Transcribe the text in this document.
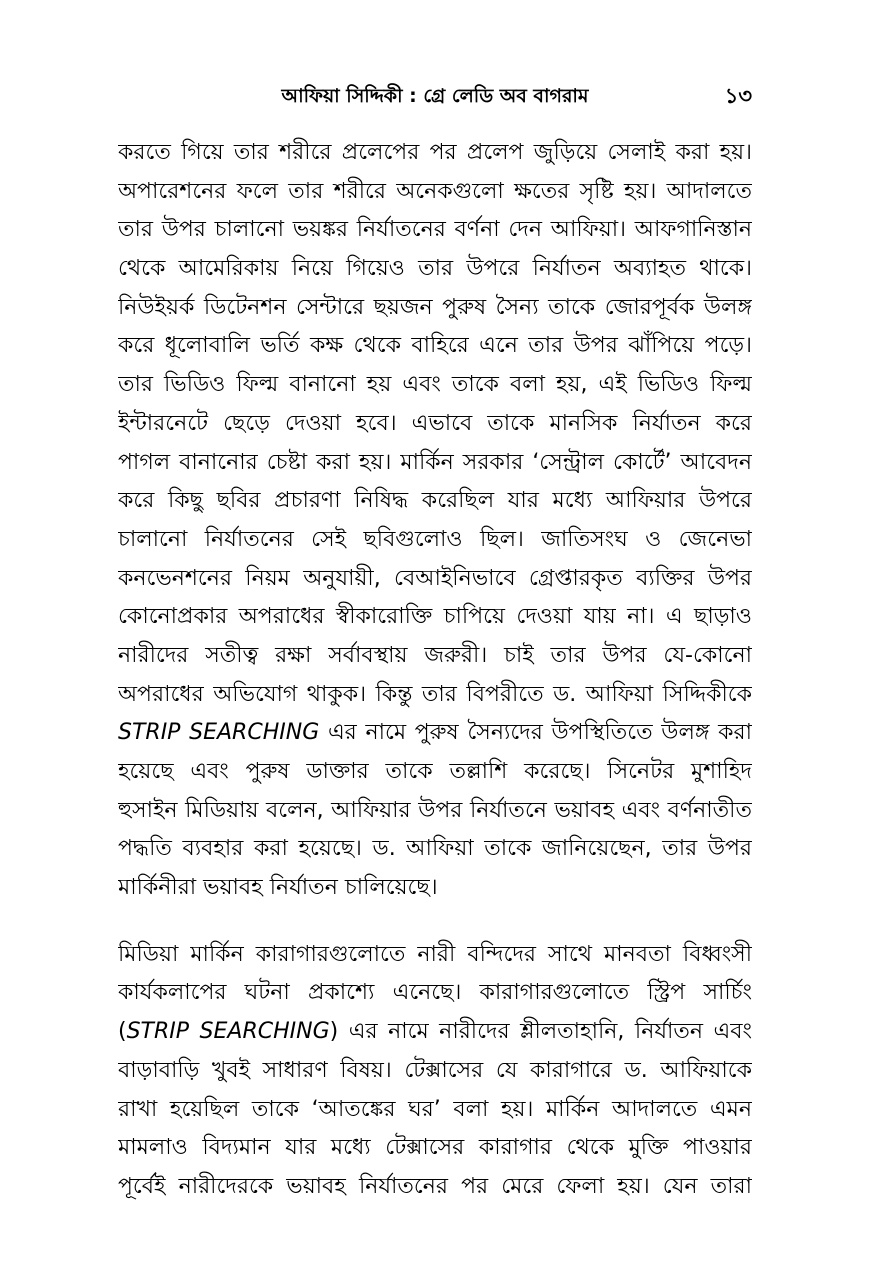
আফিয়া সিদ্দিকী : গ্রে লেডি অব বাগরাম	১৩
করতে গিয়ে তার শরীরে প্রলেপের পর প্রলেপ জুড়িয়ে সেলাই করা হয়।
অপারেশনের ফলে তার শরীরে অনেকগুলো ক্ষতের সৃষ্টি হয়। আদালতে
তার উপর চালানো ভয়ঙ্কর নির্যাতনের বর্ণনা দেন আফিয়া। আফগানিস্তান
থেকে আমেরিকায় নিয়ে গিয়েও তার উপরে নির্যাতন অব্যাহত থাকে।
নিউইয়র্ক ডিটেনশন সেন্টারে ছয়জন পুরুষ সৈন্য তাকে জোরপূর্বক উলঙ্গ
করে ধূলোবালি ভর্তি কক্ষ থেকে বাহিরে এনে তার উপর ঝাঁপিয়ে পড়ে।
তার ভিডিও ফিল্ম বানানো হয় এবং তাকে বলা হয়, এই ভিডিও ফিল্ম
ইন্টারনেটে ছেড়ে দেওয়া হবে। এভাবে তাকে মানসিক নির্যাতন করে
পাগল বানানোর চেষ্টা করা হয়। মার্কিন সরকার ‘সেন্ট্রাল কোর্টে’ আবেদন
করে কিছু ছবির প্রচারণা নিষিদ্ধ করেছিল যার মধ্যে আফিয়ার উপরে
চালানো নির্যাতনের সেই ছবিগুলোও ছিল। জাতিসংঘ ও জেনেভা
কনভেনশনের নিয়ম অনুযায়ী, বেআইনিভাবে গ্রেপ্তারকৃত ব্যক্তির উপর
কোনোপ্রকার অপরাধের স্বীকারোক্তি চাপিয়ে দেওয়া যায় না। এ ছাড়াও
নারীদের সতীত্ব রক্ষা সর্বাবস্থায় জরুরী। চাই তার উপর যে-কোনো
অপরাধের অভিযোগ থাকুক। কিন্তু তার বিপরীতে ড. আফিয়া সিদ্দিকীকে
STRIP SEARCHING এর নামে পুরুষ সৈন্যদের উপস্থিতিতে উলঙ্গ করা
হয়েছে এবং পুরুষ ডাক্তার তাকে তল্লাশি করেছে। সিনেটর মুশাহিদ
হুসাইন মিডিয়ায় বলেন, আফিয়ার উপর নির্যাতনে ভয়াবহ এবং বর্ণনাতীত
পদ্ধতি ব্যবহার করা হয়েছে। ড. আফিয়া তাকে জানিয়েছেন, তার উপর
মার্কিনীরা ভয়াবহ নির্যাতন চালিয়েছে।
মিডিয়া মার্কিন কারাগারগুলোতে নারী বন্দিদের সাথে মানবতা বিধ্বংসী
কার্যকলাপের ঘটনা প্রকাশ্যে এনেছে। কারাগারগুলোতে স্ট্রিপ সার্চিং
(STRIP SEARCHING) এর নামে নারীদের শ্লীলতাহানি, নির্যাতন এবং
বাড়াবাড়ি খুবই সাধারণ বিষয়। টেক্সাসের যে কারাগারে ড. আফিয়াকে
রাখা হয়েছিল তাকে ‘আতঙ্কের ঘর’ বলা হয়। মার্কিন আদালতে এমন
মামলাও বিদ্যমান যার মধ্যে টেক্সাসের কারাগার থেকে মুক্তি পাওয়ার
পূর্বেই নারীদেরকে ভয়াবহ নির্যাতনের পর মেরে ফেলা হয়। যেন তারা
